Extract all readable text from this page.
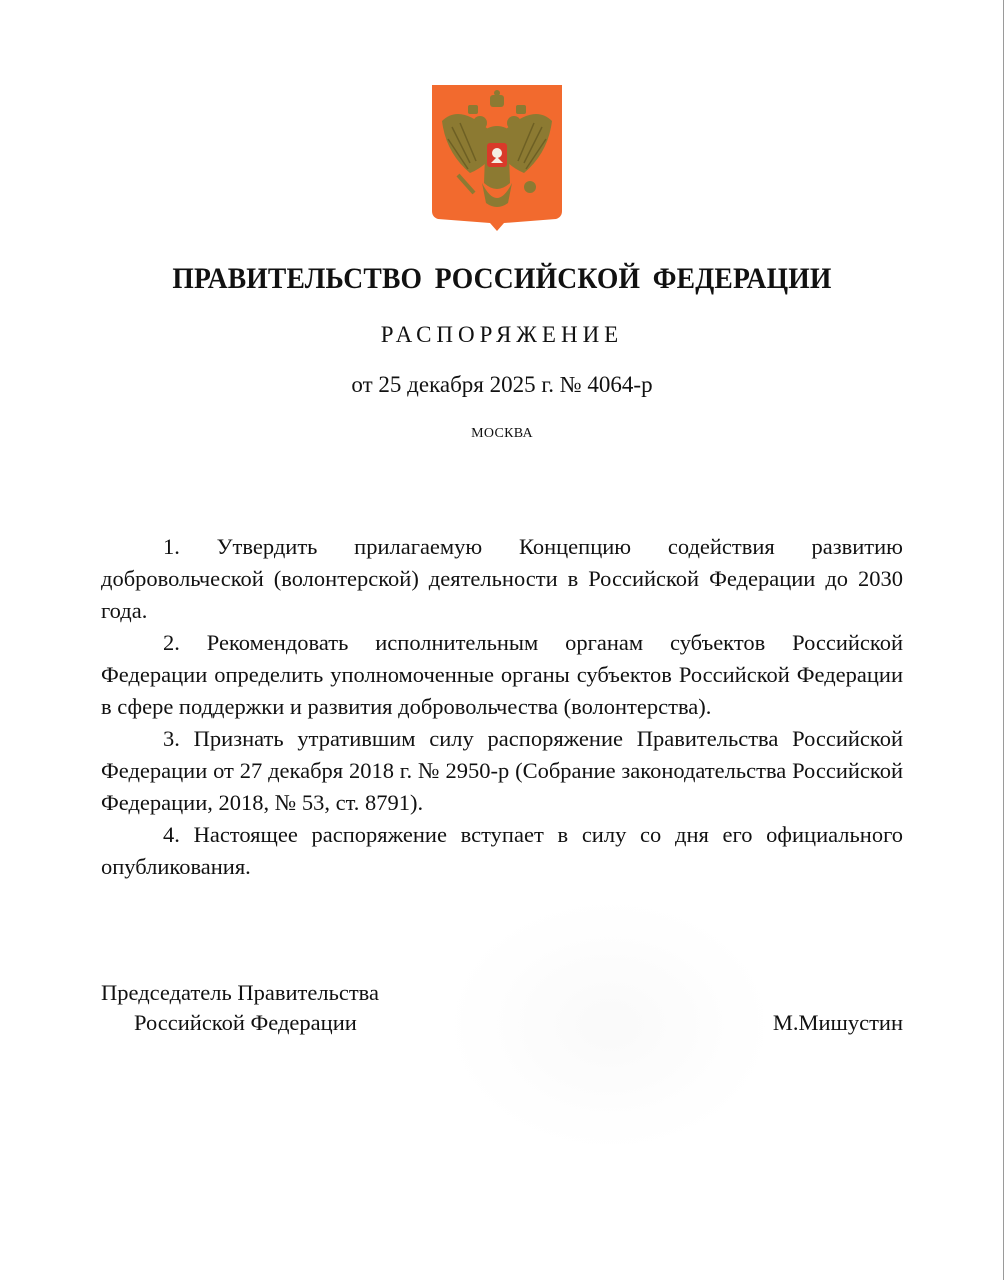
ПРАВИТЕЛЬСТВО РОССИЙСКОЙ ФЕДЕРАЦИИ
РАСПОРЯЖЕНИЕ
от 25 декабря 2025 г. № 4064-р
МОСКВА

1. Утвердить прилагаемую Концепцию содействия развитию добровольческой (волонтерской) деятельности в Российской Федерации до 2030 года.

2. Рекомендовать исполнительным органам субъектов Российской Федерации определить уполномоченные органы субъектов Российской Федерации в сфере поддержки и развития добровольчества (волонтерства).

3. Признать утратившим силу распоряжение Правительства Российской Федерации от 27 декабря 2018 г. № 2950-р (Собрание законодательства Российской Федерации, 2018, № 53, ст. 8791).

4. Настоящее распоряжение вступает в силу со дня его официального опубликования.

Председатель Правительства
Российской Федерации	М.Мишустин
